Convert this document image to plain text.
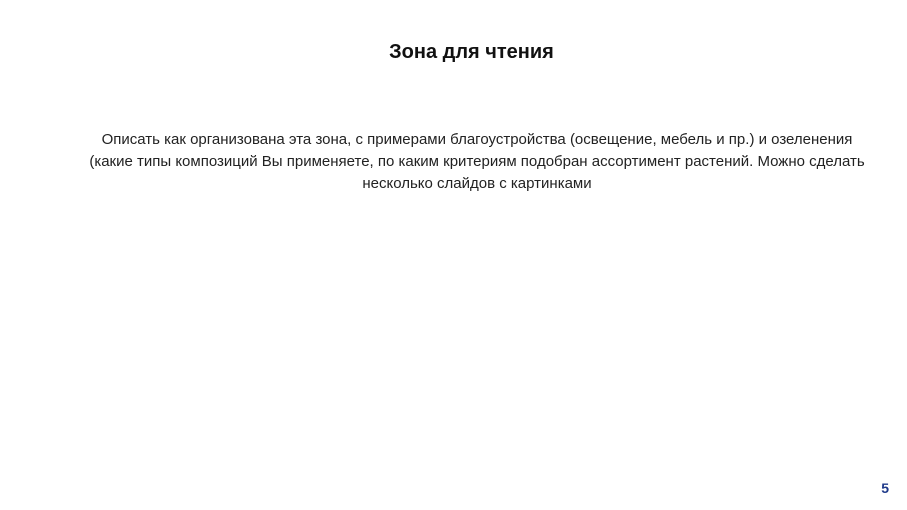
Зона для чтения
Описать как организована эта зона, с примерами благоустройства (освещение, мебель и пр.) и озеленения (какие типы композиций Вы применяете, по каким критериям подобран ассортимент растений. Можно сделать несколько слайдов с картинками
5
